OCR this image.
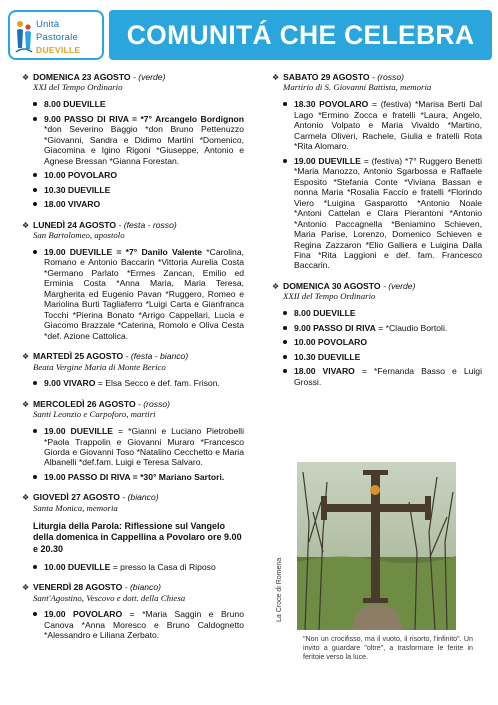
Unità
Pastorale
DUEVILLE	COMUNITÁ CHE CELEBRA
❖ DOMENICA 23 AGOSTO - (verde)
XXI del Tempo Ordinario
8.00 DUEVILLE
9.00 PASSO DI RIVA = *7° Arcangelo Bordignon *don Severino Baggio *don Bruno Pettenuzzo *Giovanni, Sandra e Didimo Martini *Domenico, Giacomina e Igino Rigoni *Giuseppe, Antonio e Agnese Bressan *Gianna Forestan.
10.00 POVOLARO
10.30 DUEVILLE
18.00 VIVARO
❖ LUNEDÌ 24 AGOSTO - (festa - rosso)
San Bartolomeo, apostolo
19.00 DUEVILLE = *7° Danilo Valente *Carolina, Romano e Antonio Baccarin *Vittoria Aurelia Costa *Germano Parlato *Ermes Zancan, Emilio ed Erminia Costa *Anna Maria, Maria Teresa, Margherita ed Eugenio Pavan *Ruggero, Romeo e Mariolina Burti Tagliaferro *Luigi Carta e Gianfranca Tocchi *Pierina Bonato *Arrigo Cappellari, Lucia e Giacomo Brazzale *Caterina, Romolo e Oliva Cesta *def. Azione Cattolica.
❖ MARTEDÌ 25 AGOSTO - (festa - bianco)
Beata Vergine Maria di Monte Berico
9.00 VIVARO = Elsa Secco e def. fam. Frison.
❖ MERCOLEDÌ 26 AGOSTO - (rosso)
Santi Leonzio e Carpoforo, martiri
19.00 DUEVILLE = *Gianni e Luciano Pietrobelli *Paola Trappolin e Giovanni Muraro *Francesco Giorda e Giovanni Toso *Natalino Cecchetto e Maria Albanelli *def.fam. Luigi e Teresa Salvaro.
19.00 PASSO DI RIVA = *30° Mariano Sartori.
❖ GIOVEDÌ 27 AGOSTO - (bianco)
Santa Monica, memoria
Liturgia della Parola: Riflessione sul Vangelo della domenica in Cappellina a Povolaro ore 9.00 e 20.30
10.00 DUEVILLE = presso la Casa di Riposo
❖ VENERDÌ 28 AGOSTO - (bianco)
Sant'Agostino, Vescovo e dott. della Chiesa
19.00 POVOLARO = *Maria Saggin e Bruno Canova *Anna Moresco e Bruno Caldognetto *Alessandro e Liliana Zerbato.
❖ SABATO 29 AGOSTO - (rosso)
Martirio di S. Giovanni Battista, memoria
18.30 POVOLARO = (festiva) *Marisa Berti Dal Lago *Ermino Zocca e fratelli *Laura, Angelo, Antonio Volpato e Maria Vivaldo *Martino, Carmela Oliveri, Rachele, Giulia e fratelli Rota *Rita Alomaro.
19.00 DUEVILLE = (festiva) *7° Ruggero Benetti *Maria Manozzo, Antonio Sgarbossa e Raffaele Esposito *Stefania Conte *Viviana Bassan e nonna Maria *Rosalia Faccio e fratelli *Florindo Viero *Luigina Gasparotto *Antonio Noale *Antoni Cattelan e Clara Pierantoni *Antonio *Antonio Paccagnella *Beniamino Schieven, Maria Parise, Lorenzo, Domenico Schieven e Regina Zazzaron *Elio Galliera e Luigina Dalla Fina *Rita Laggioni e def. fam. Francesco Baccarin.
❖ DOMENICA 30 AGOSTO - (verde)
XXII del Tempo Ordinario
8.00 DUEVILLE
9.00 PASSO DI RIVA = *Claudio Bortoli.
10.00 POVOLARO
10.30 DUEVILLE
18.00 VIVARO = *Fernanda Basso e Luigi Grossi.
La Croce di Romena
"Non un crocifisso, ma il vuoto, il risorto, l'infinito". Un invito a guardare "oltre", a trasformare le ferite in feritoie verso la luce.
